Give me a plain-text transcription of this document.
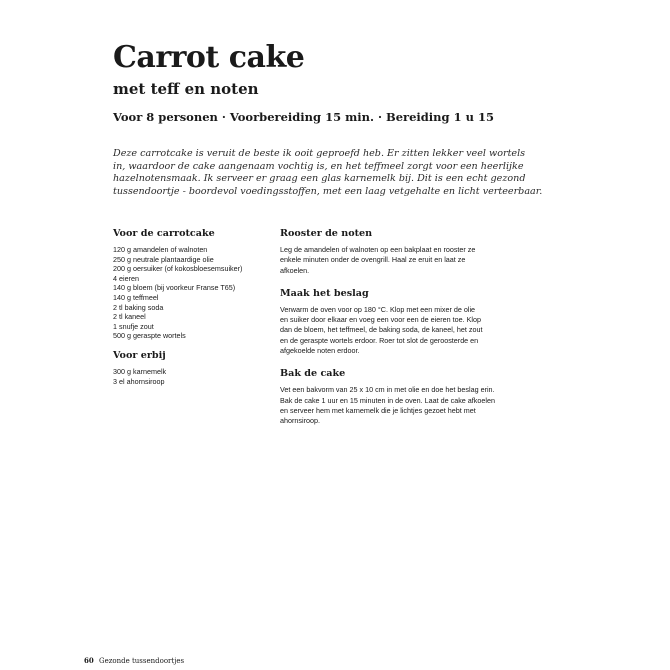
Carrot cake
met teff en noten

Voor 8 personen · Voorbereiding 15 min. · Bereiding 1 u 15

Deze carrotcake is veruit de beste ik ooit geproefd heb. Er zitten lekker veel wortels
in, waardoor de cake aangenaam vochtig is, en het teffmeel zorgt voor een heerlijke
hazelnotensmaak. Ik serveer er graag een glas karnemelk bij. Dit is een echt gezond
tussendoortje - boordevol voedingsstoffen, met een laag vetgehalte en licht verteerbaar.

Voor de carrotcake
120 g amandelen of walnoten
250 g neutrale plantaardige olie
200 g oersuiker (of kokosbloesemsuiker)
4 eieren
140 g bloem (bij voorkeur Franse T65)
140 g teffmeel
2 tl baking soda
2 tl kaneel
1 snufje zout
500 g geraspte wortels
Voor erbij
300 g karnemelk
3 el ahornsiroop
Rooster de noten

Leg de amandelen of walnoten op een bakplaat en rooster ze
enkele minuten onder de ovengrill. Haal ze eruit en laat ze
afkoelen.

Maak het beslag

Verwarm de oven voor op 180 °C. Klop met een mixer de olie
en suiker door elkaar en voeg een voor een de eieren toe. Klop
dan de bloem, het teffmeel, de baking soda, de kaneel, het zout
en de geraspte wortels erdoor. Roer tot slot de geroosterde en
afgekoelde noten erdoor.

Bak de cake

Vet een bakvorm van 25 x 10 cm in met olie en doe het beslag erin.
Bak de cake 1 uur en 15 minuten in de oven. Laat de cake afkoelen
en serveer hem met karnemelk die je lichtjes gezoet hebt met
ahornsiroop.

60 Gezonde tussendoortjes
